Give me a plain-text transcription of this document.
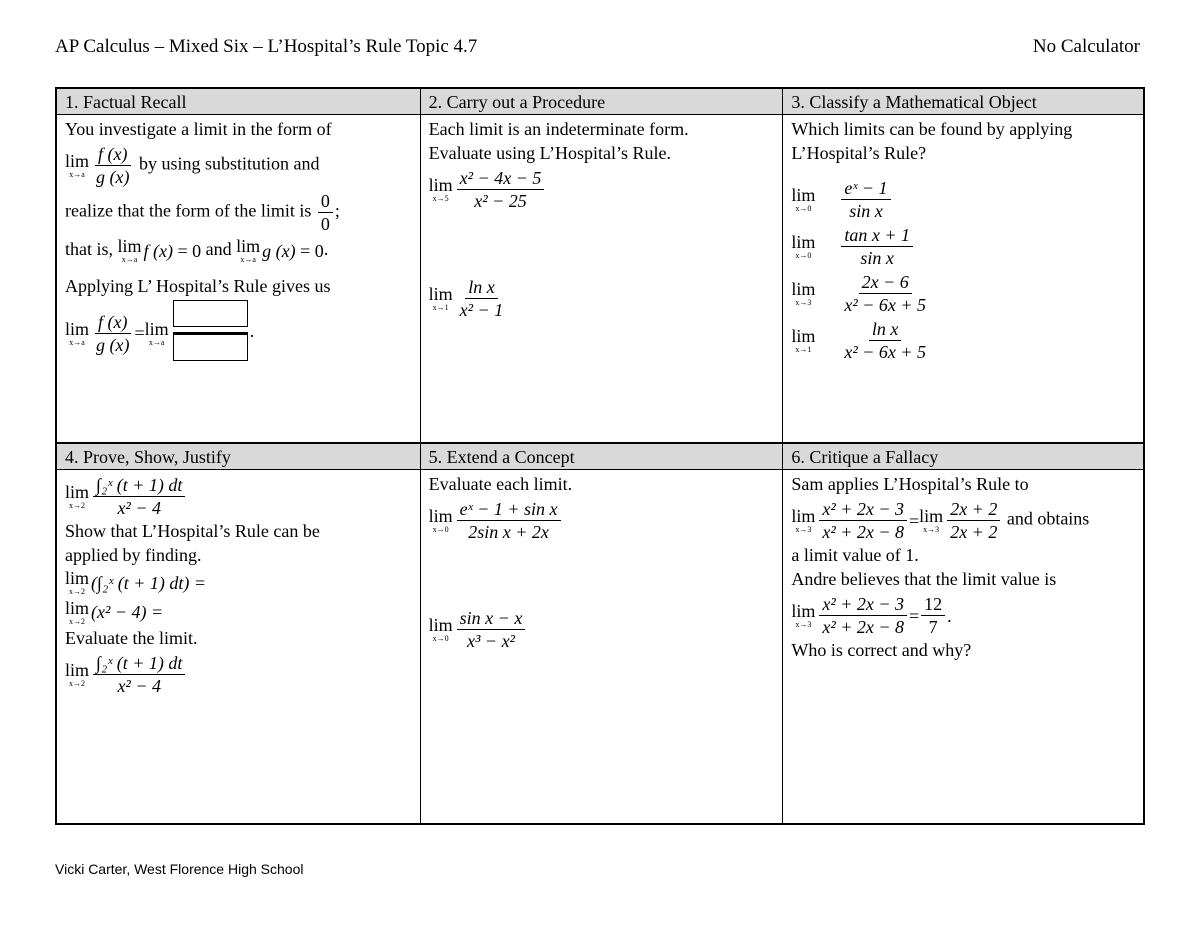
AP Calculus – Mixed Six – L’Hospital’s Rule Topic 4.7	No Calculator
1. Factual Recall
You investigate a limit in the form of
lim
$x\to a \frac{f (x)}{g (x)}$ by using substitution and
realize that the form of the limit is $\frac{0}{0}$ ;
that is, lim
x→a f (x)
= 0 and lim
x→a g (x)
= 0 .
Applying L’ Hospital’s Rule gives us
lim
$x\to a \frac{f (x)}{g (x)} = \lim$
x→a
.
2. Carry out a Procedure
Each limit is an indeterminate form.
Evaluate using L’Hospital’s Rule.
lim
$x\to 5 \frac{\text{x² − 4x − 5}}{\text{x² − 25}}$
lim
$x\to 1 \frac{\text{ln x}}{\text{x² − 1}}$
3. Classify a Mathematical Object
Which limits can be found by applying
L’Hospital’s Rule?
lim
$x\to 0 \frac{\text{eˣ − 1}}{\text{sin x}}$
lim
$x\to 0 \frac{\text{tan x + 1}}{\text{sin x}}$
lim
$x\to 3 \frac{2x - 6}{\text{x² − 6x + 5}}$
lim
$x\to 1 \frac{\text{ln x}}{\text{x² − 6x + 5}}$
4. Prove, Show, Justify
lim
$x\to 2 \frac{\text{∫₂ˣ (t + 1) dt}}{\text{x² − 4}}$
Show that L’Hospital’s Rule can be
applied by finding.
lim
x→2 (∫₂ˣ (t + 1) dt) =
lim
x→2 (x² − 4) =
Evaluate the limit.
lim
$x\to 2 \frac{\text{∫₂ˣ (t + 1) dt}}{\text{x² − 4}}$
5. Extend a Concept
Evaluate each limit.
lim
$x\to 0 \frac{\text{eˣ − 1 + sin x}}{\text{2sin x + 2x}}$
lim
$x\to 0 \frac{\text{sin x − x}}{\text{x³ − x²}}$
6. Critique a Fallacy
Sam applies L’Hospital’s Rule to
lim
$x\to 3 \frac{\text{x² + 2x − 3}}{\text{x² + 2x − 8}} = \lim$
$x\to 3 \frac{2x + 2}{2x + 2}$ and obtains
a limit value of 1.
Andre believes that the limit value is
lim
$x\to 3 \frac{\text{x² + 2x − 3}}{\text{x² + 2x − 8}} = \frac{12}{7}$ .
Who is correct and why?
Vicki Carter, West Florence High School
